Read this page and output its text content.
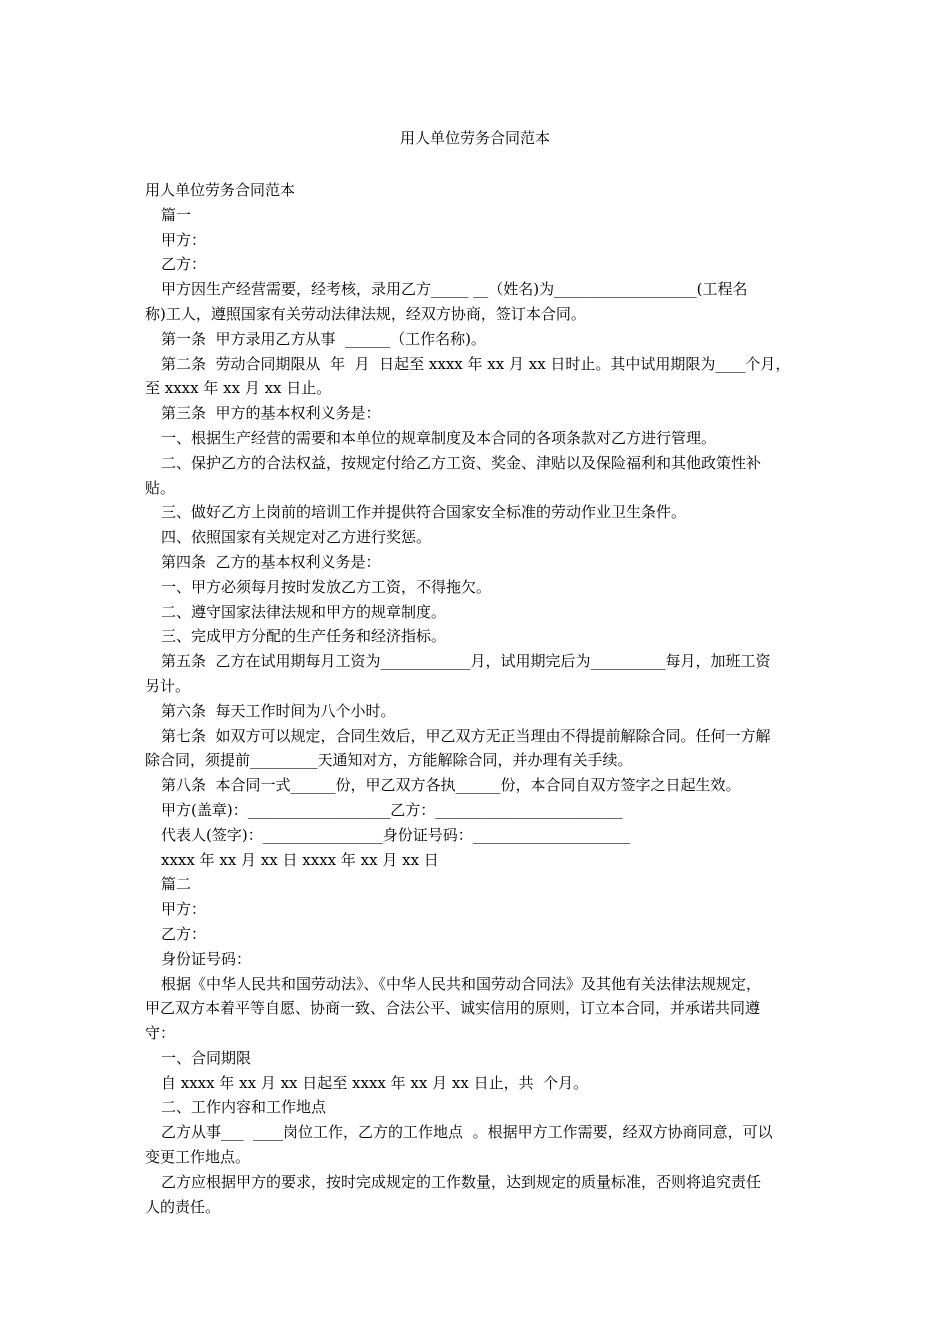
用人单位劳务合同范本
用人单位劳务合同范本
篇一
甲方：
乙方：
甲方因生产经营需要，经考核，录用乙方_____ __（姓名)为___________________(工程名
称)工人，遵照国家有关劳动法律法规，经双方协商，签订本合同。
第一条  甲方录用乙方从事  ______（工作名称)。
第二条  劳动合同期限从  年  月  日起至 xxxx 年 xx 月 xx 日时止。其中试用期限为____个月，
至 xxxx 年 xx 月 xx 日止。
第三条  甲方的基本权利义务是：
一、根据生产经营的需要和本单位的规章制度及本合同的各项条款对乙方进行管理。
二、保护乙方的合法权益，按规定付给乙方工资、奖金、津贴以及保险福利和其他政策性补
贴。
三、做好乙方上岗前的培训工作并提供符合国家安全标准的劳动作业卫生条件。
四、依照国家有关规定对乙方进行奖惩。
第四条  乙方的基本权利义务是：
一、甲方必须每月按时发放乙方工资，不得拖欠。
二、遵守国家法律法规和甲方的规章制度。
三、完成甲方分配的生产任务和经济指标。
第五条  乙方在试用期每月工资为____________月，试用期完后为__________每月，加班工资
另计。
第六条  每天工作时间为八个小时。
第七条  如双方可以规定，合同生效后，甲乙双方无正当理由不得提前解除合同。任何一方解
除合同，须提前_________天通知对方，方能解除合同，并办理有关手续。
第八条  本合同一式______份，甲乙双方各执______份，本合同自双方签字之日起生效。
甲方(盖章)：___________________乙方：_________________________
代表人(签字)：________________身份证号码：_____________________
xxxx 年 xx 月 xx 日 xxxx 年 xx 月 xx 日
篇二
甲方：
乙方：
身份证号码：
根据《中华人民共和国劳动法》、《中华人民共和国劳动合同法》及其他有关法律法规规定，
甲乙双方本着平等自愿、协商一致、合法公平、诚实信用的原则，订立本合同，并承诺共同遵
守：
一、合同期限
自 xxxx 年 xx 月 xx 日起至 xxxx 年 xx 月 xx 日止，共  个月。
二、工作内容和工作地点
乙方从事___  ____岗位工作，乙方的工作地点  。根据甲方工作需要，经双方协商同意，可以
变更工作地点。
乙方应根据甲方的要求，按时完成规定的工作数量，达到规定的质量标准，否则将追究责任
人的责任。
